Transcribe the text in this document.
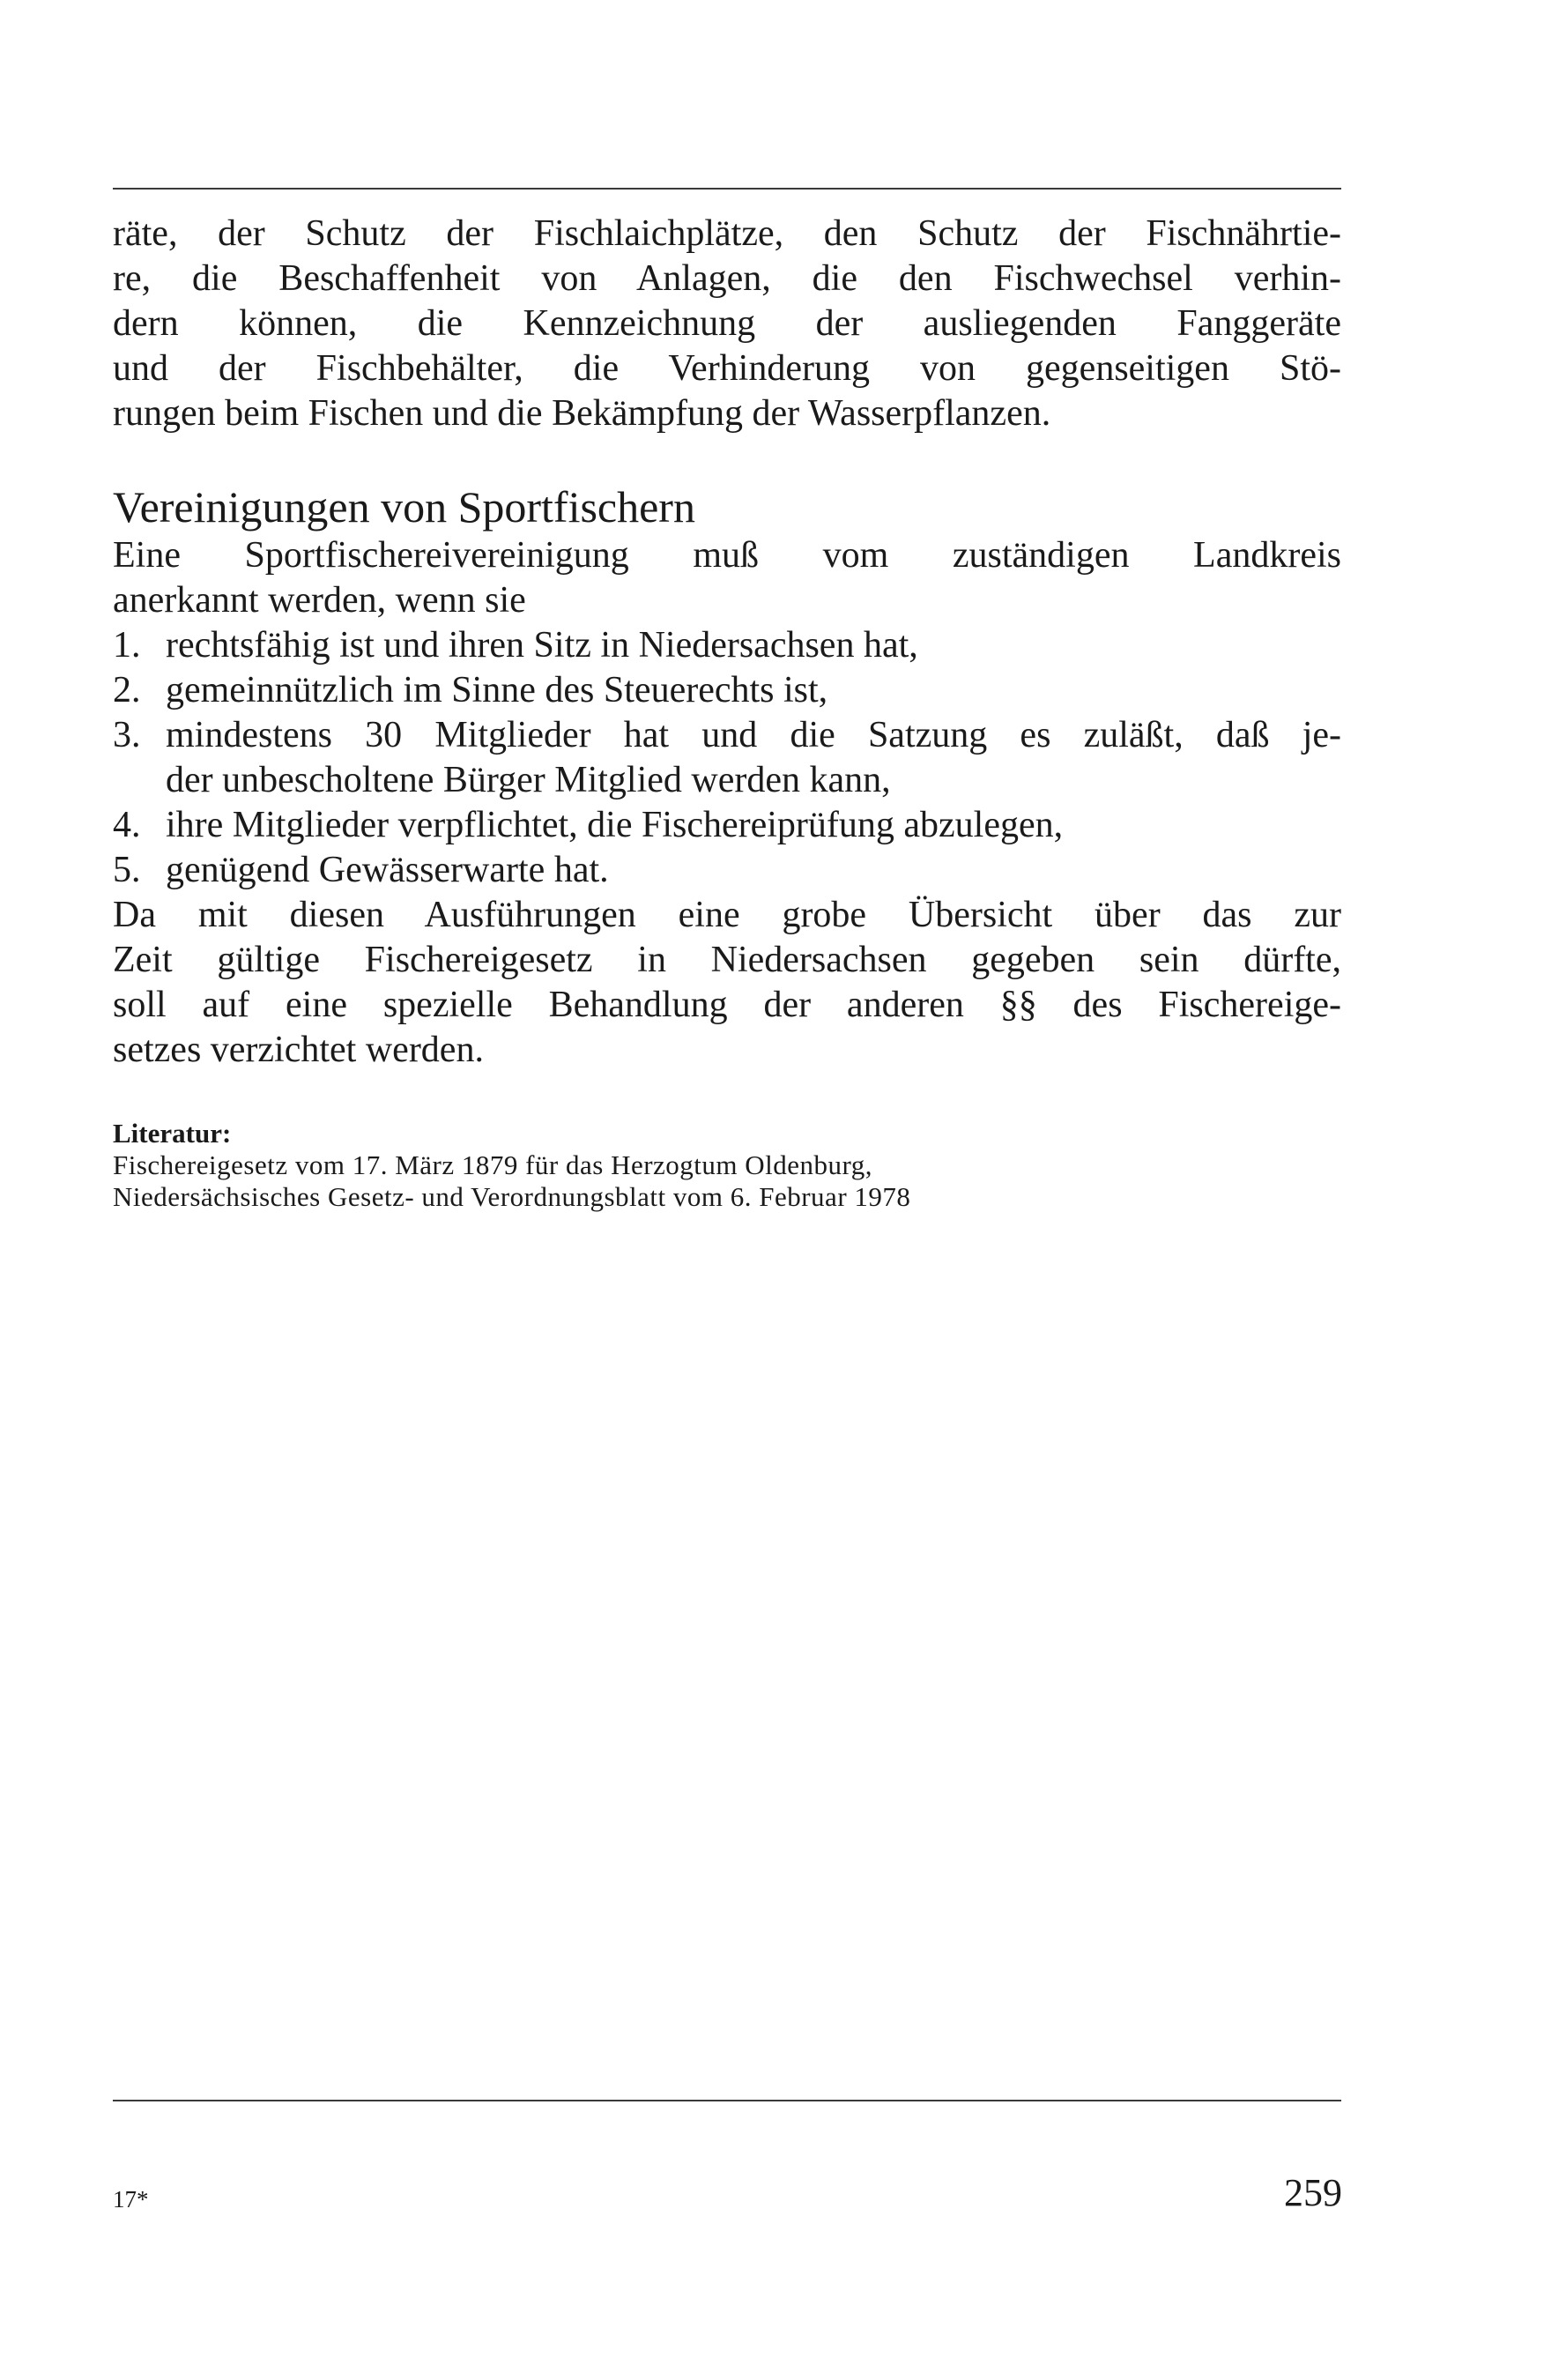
räte, der Schutz der Fischlaichplätze, den Schutz der Fischnährtie-
re, die Beschaffenheit von Anlagen, die den Fischwechsel verhin-
dern können, die Kennzeichnung der ausliegenden Fanggeräte
und der Fischbehälter, die Verhinderung von gegenseitigen Stö-
rungen beim Fischen und die Bekämpfung der Wasserpflanzen.
Vereinigungen von Sportfischern
Eine Sportfischereivereinigung muß vom zuständigen Landkreis
anerkannt werden, wenn sie
1. rechtsfähig ist und ihren Sitz in Niedersachsen hat,
2. gemeinnützlich im Sinne des Steuerechts ist,
3. mindestens 30 Mitglieder hat und die Satzung es zuläßt, daß je-
der unbescholtene Bürger Mitglied werden kann,
4. ihre Mitglieder verpflichtet, die Fischereiprüfung abzulegen,
5. genügend Gewässerwarte hat.
Da mit diesen Ausführungen eine grobe Übersicht über das zur
Zeit gültige Fischereigesetz in Niedersachsen gegeben sein dürfte,
soll auf eine spezielle Behandlung der anderen §§ des Fischereige-
setzes verzichtet werden.
Literatur:
Fischereigesetz vom 17. März 1879 für das Herzogtum Oldenburg,
Niedersächsisches Gesetz- und Verordnungsblatt vom 6. Februar 1978
17*	259
